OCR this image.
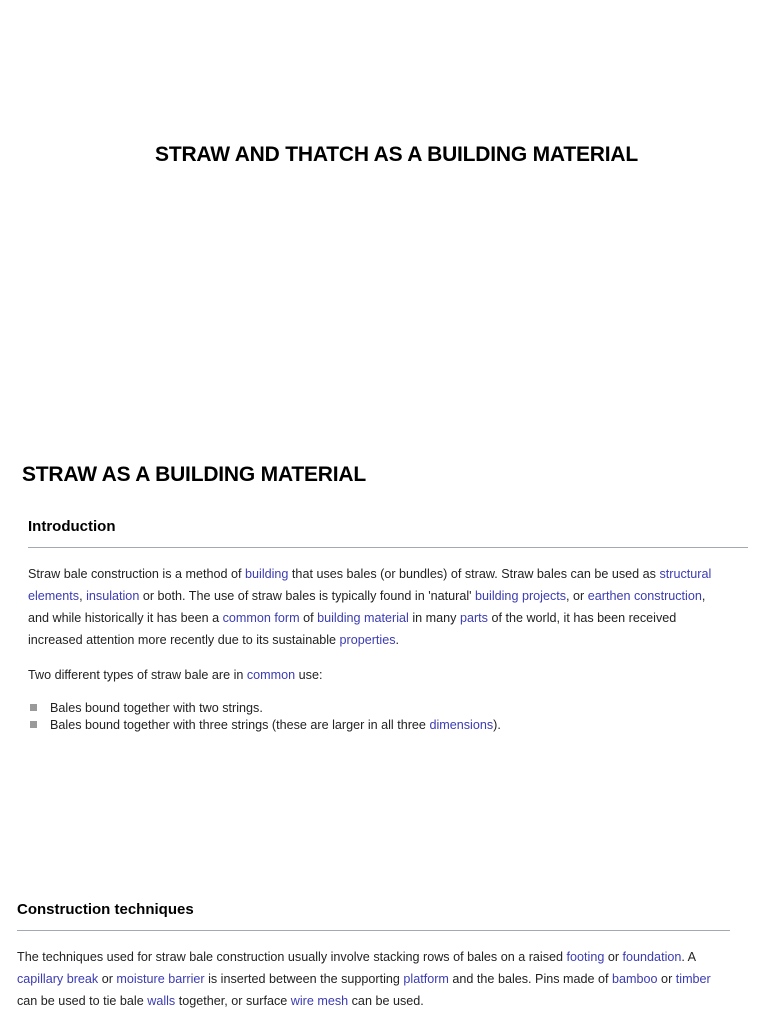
STRAW AND THATCH AS A BUILDING MATERIAL
STRAW AS A BUILDING MATERIAL
Introduction
Straw bale construction is a method of building that uses bales (or bundles) of straw. Straw bales can be used as structural
elements, insulation or both. The use of straw bales is typically found in 'natural' building projects, or earthen construction,
and while historically it has been a common form of building material in many parts of the world, it has been received
increased attention more recently due to its sustainable properties.
Two different types of straw bale are in common use:
Bales bound together with two strings.
Bales bound together with three strings (these are larger in all three dimensions).
Construction techniques
The techniques used for straw bale construction usually involve stacking rows of bales on a raised footing or foundation. A
capillary break or moisture barrier is inserted between the supporting platform and the bales. Pins made of bamboo or timber
can be used to tie bale walls together, or surface wire mesh can be used.
